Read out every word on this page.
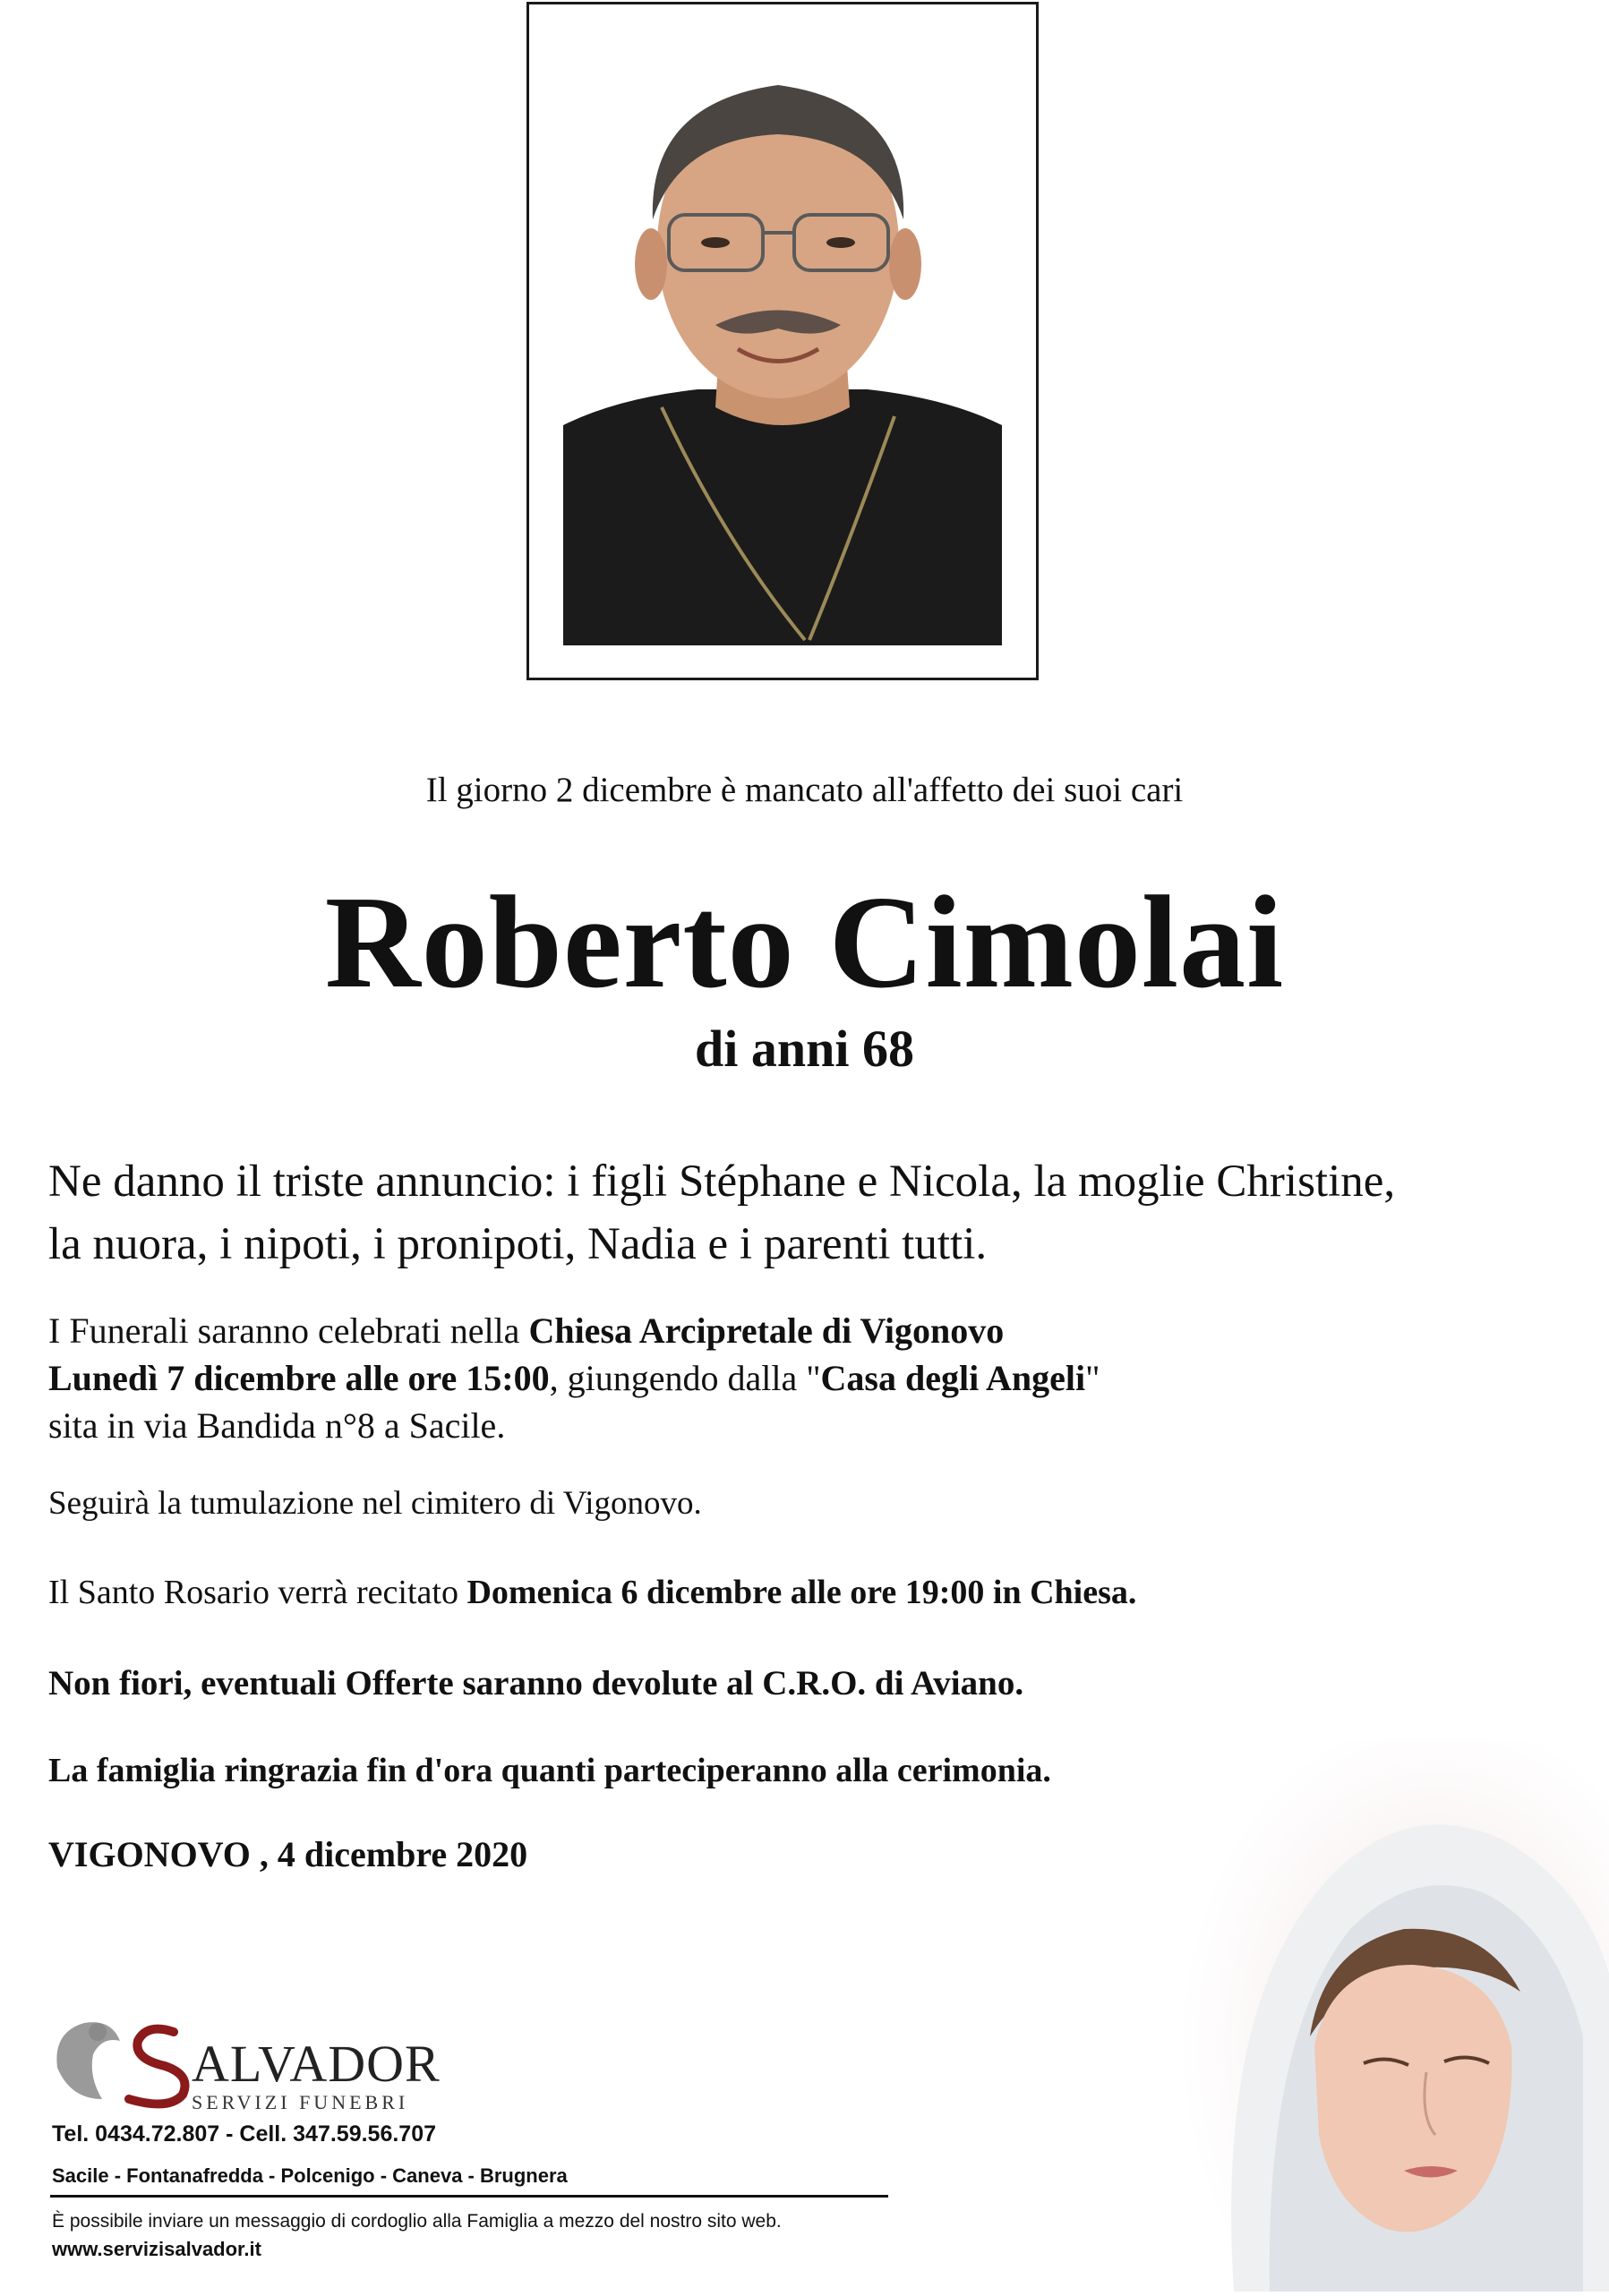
Il giorno 2 dicembre è mancato all'affetto dei suoi cari
Roberto Cimolai
di anni 68
Ne danno il triste annuncio: i figli Stéphane e Nicola, la moglie Christine,
la nuora, i nipoti, i pronipoti, Nadia e i parenti tutti.
I Funerali saranno celebrati nella Chiesa Arcipretale di Vigonovo
Lunedì 7 dicembre alle ore 15:00, giungendo dalla "Casa degli Angeli"
sita in via Bandida n°8 a Sacile.
Seguirà la tumulazione nel cimitero di Vigonovo.
Il Santo Rosario verrà recitato Domenica 6 dicembre alle ore 19:00 in Chiesa.
Non fiori, eventuali Offerte saranno devolute al C.R.O. di Aviano.
La famiglia ringrazia fin d'ora quanti parteciperanno alla cerimonia.
VIGONOVO , 4 dicembre 2020
ALVADOR
SERVIZI FUNEBRI
Tel. 0434.72.807 - Cell. 347.59.56.707
Sacile - Fontanafredda - Polcenigo - Caneva - Brugnera
È possibile inviare un messaggio di cordoglio alla Famiglia a mezzo del nostro sito web.
www.servizisalvador.it
